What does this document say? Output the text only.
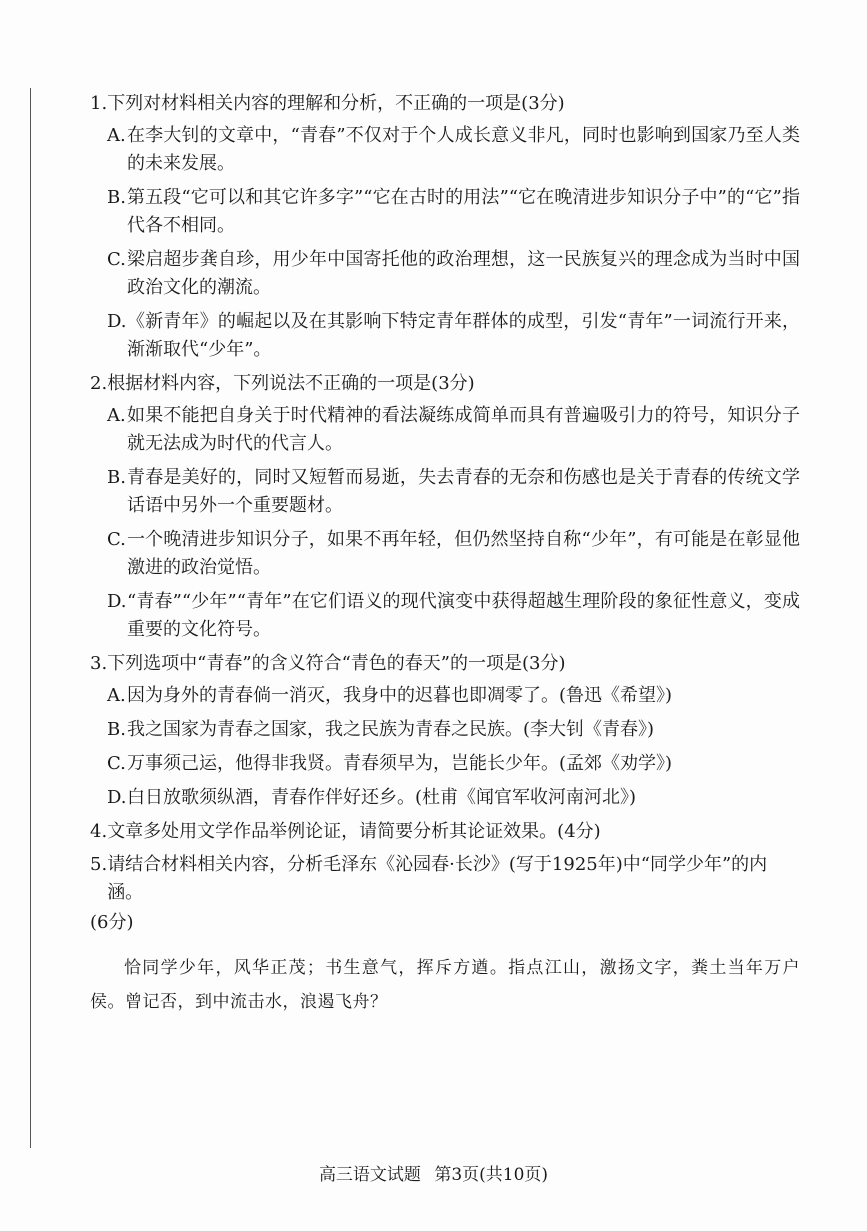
1. 下列对材料相关内容的理解和分析，不正确的一项是(3分)
A. 在李大钊的文章中，“青春”不仅对于个人成长意义非凡，同时也影响到国家乃至人类的未来发展。
B. 第五段“它可以和其它许多字”“它在古时的用法”“它在晚清进步知识分子中”的“它”指代各不相同。
C. 梁启超步龚自珍，用少年中国寄托他的政治理想，这一民族复兴的理念成为当时中国政治文化的潮流。
D. 《新青年》的崛起以及在其影响下特定青年群体的成型，引发“青年”一词流行开来，渐渐取代“少年”。
2. 根据材料内容，下列说法不正确的一项是(3分)
A. 如果不能把自身关于时代精神的看法凝练成简单而具有普遍吸引力的符号，知识分子就无法成为时代的代言人。
B. 青春是美好的，同时又短暂而易逝，失去青春的无奈和伤感也是关于青春的传统文学话语中另外一个重要题材。
C. 一个晚清进步知识分子，如果不再年轻，但仍然坚持自称“少年”，有可能是在彰显他激进的政治觉悟。
D. “青春”“少年”“青年”在它们语义的现代演变中获得超越生理阶段的象征性意义，变成重要的文化符号。
3. 下列选项中“青春”的含义符合“青色的春天”的一项是(3分)
A. 因为身外的青春倘一消灭，我身中的迟暮也即凋零了。(鲁迅《希望》)
B. 我之国家为青春之国家，我之民族为青春之民族。(李大钊《青春》)
C. 万事须己运，他得非我贤。青春须早为，岂能长少年。(孟郊《劝学》)
D. 白日放歌须纵酒，青春作伴好还乡。(杜甫《闻官军收河南河北》)
4. 文章多处用文学作品举例论证，请简要分析其论证效果。(4分)
5. 请结合材料相关内容，分析毛泽东《沁园春·长沙》(写于1925年)中“同学少年”的内涵。
(6分)
恰同学少年，风华正茂；书生意气，挥斥方遒。指点江山，激扬文字，粪土当年万户侯。曾记否，到中流击水，浪遏飞舟？
高三语文试题 第3页(共10页)
